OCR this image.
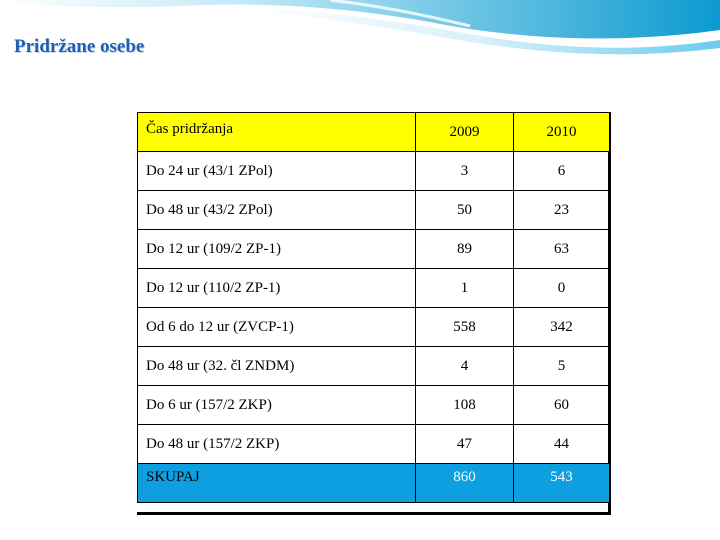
Pridržane osebe
Čas pridržanja	2009	2010
Do 24 ur (43/1 ZPol)	3	6
Do 48 ur (43/2 ZPol)	50	23
Do 12 ur (109/2 ZP-1)	89	63
Do 12 ur (110/2 ZP-1)	1	0
Od 6 do 12 ur (ZVCP-1)	558	342
Do 48 ur (32. čl ZNDM)	4	5
Do 6 ur (157/2 ZKP)	108	60
Do 48 ur (157/2 ZKP)	47	44
SKUPAJ	860	543
